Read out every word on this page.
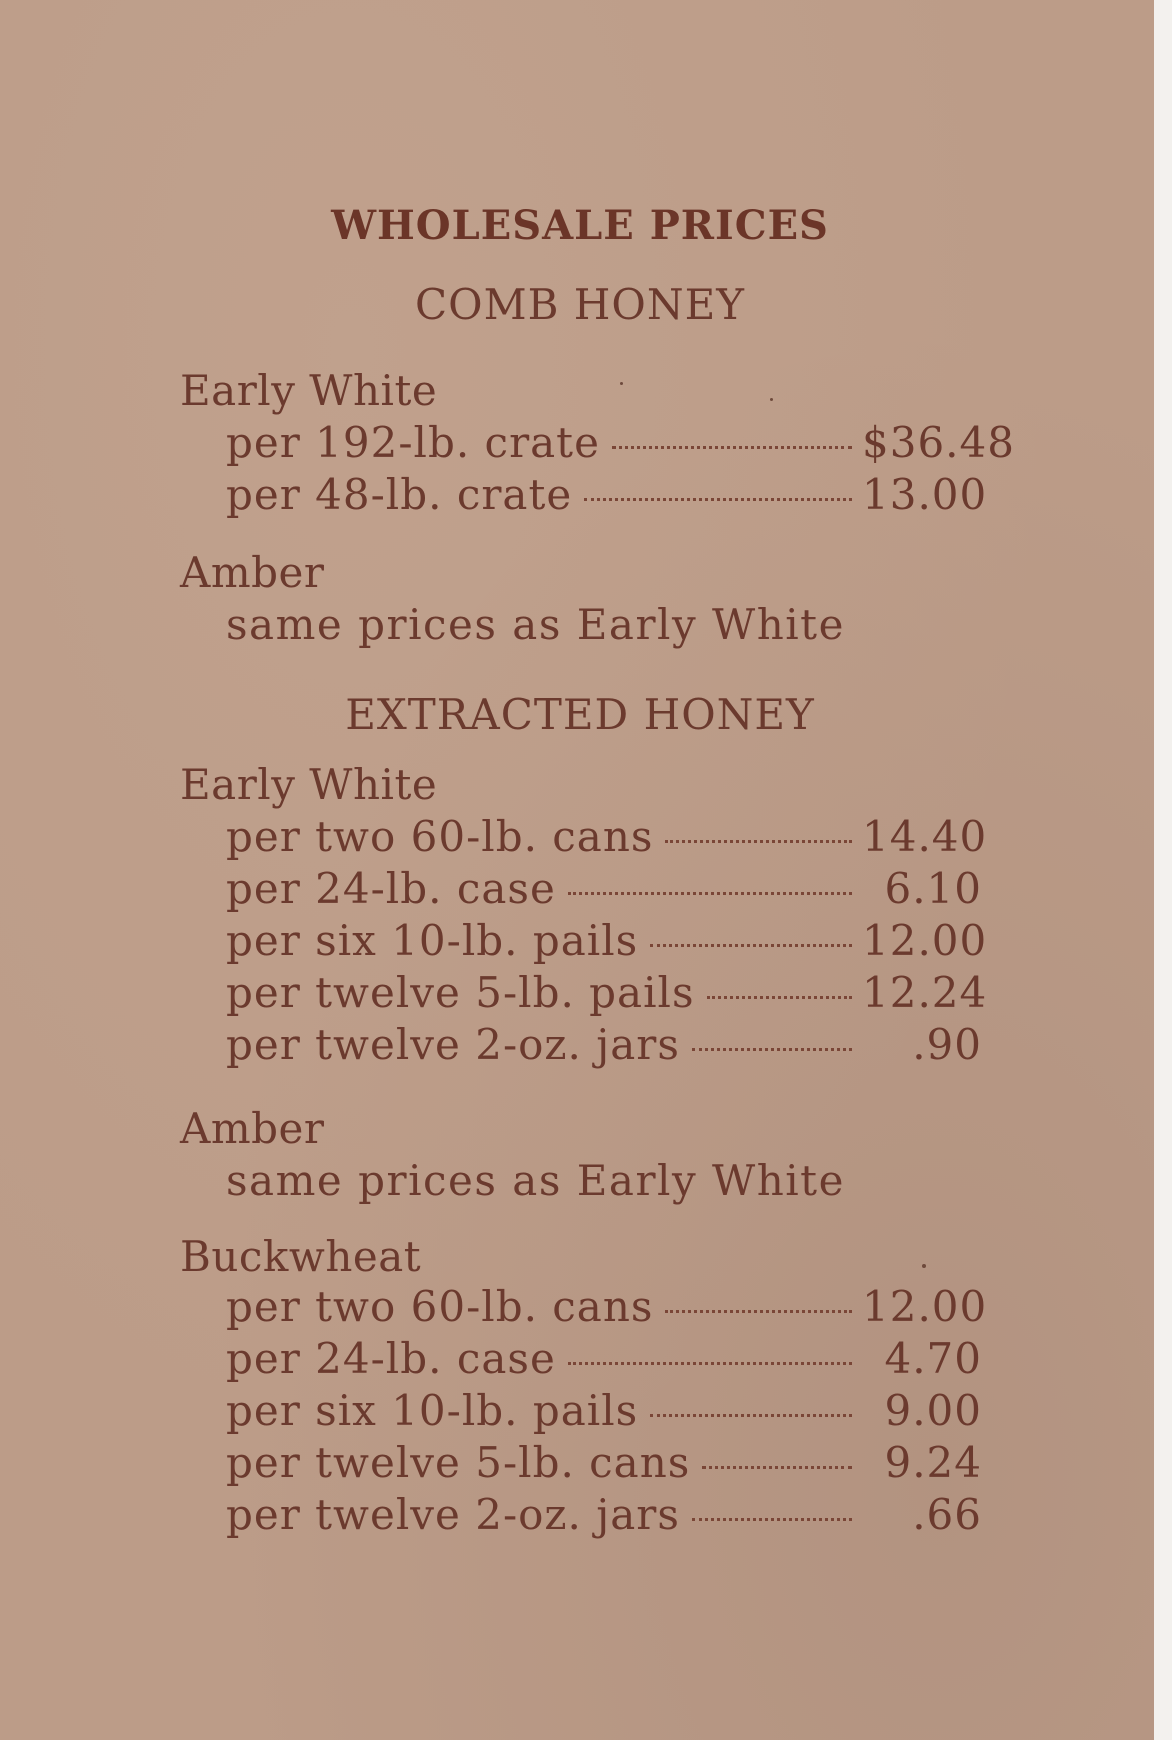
WHOLESALE PRICES
COMB HONEY
Early White
per 192-lb. crate	$36.48
per 48-lb. crate	13.00
Amber
same prices as Early White
EXTRACTED HONEY
Early White
per two 60-lb. cans	14.40
per 24-lb. case	6.10
per six 10-lb. pails	12.00
per twelve 5-lb. pails	12.24
per twelve 2-oz. jars	.90
Amber
same prices as Early White
Buckwheat
per two 60-lb. cans	12.00
per 24-lb. case	4.70
per six 10-lb. pails	9.00
per twelve 5-lb. cans	9.24
per twelve 2-oz. jars	.66
